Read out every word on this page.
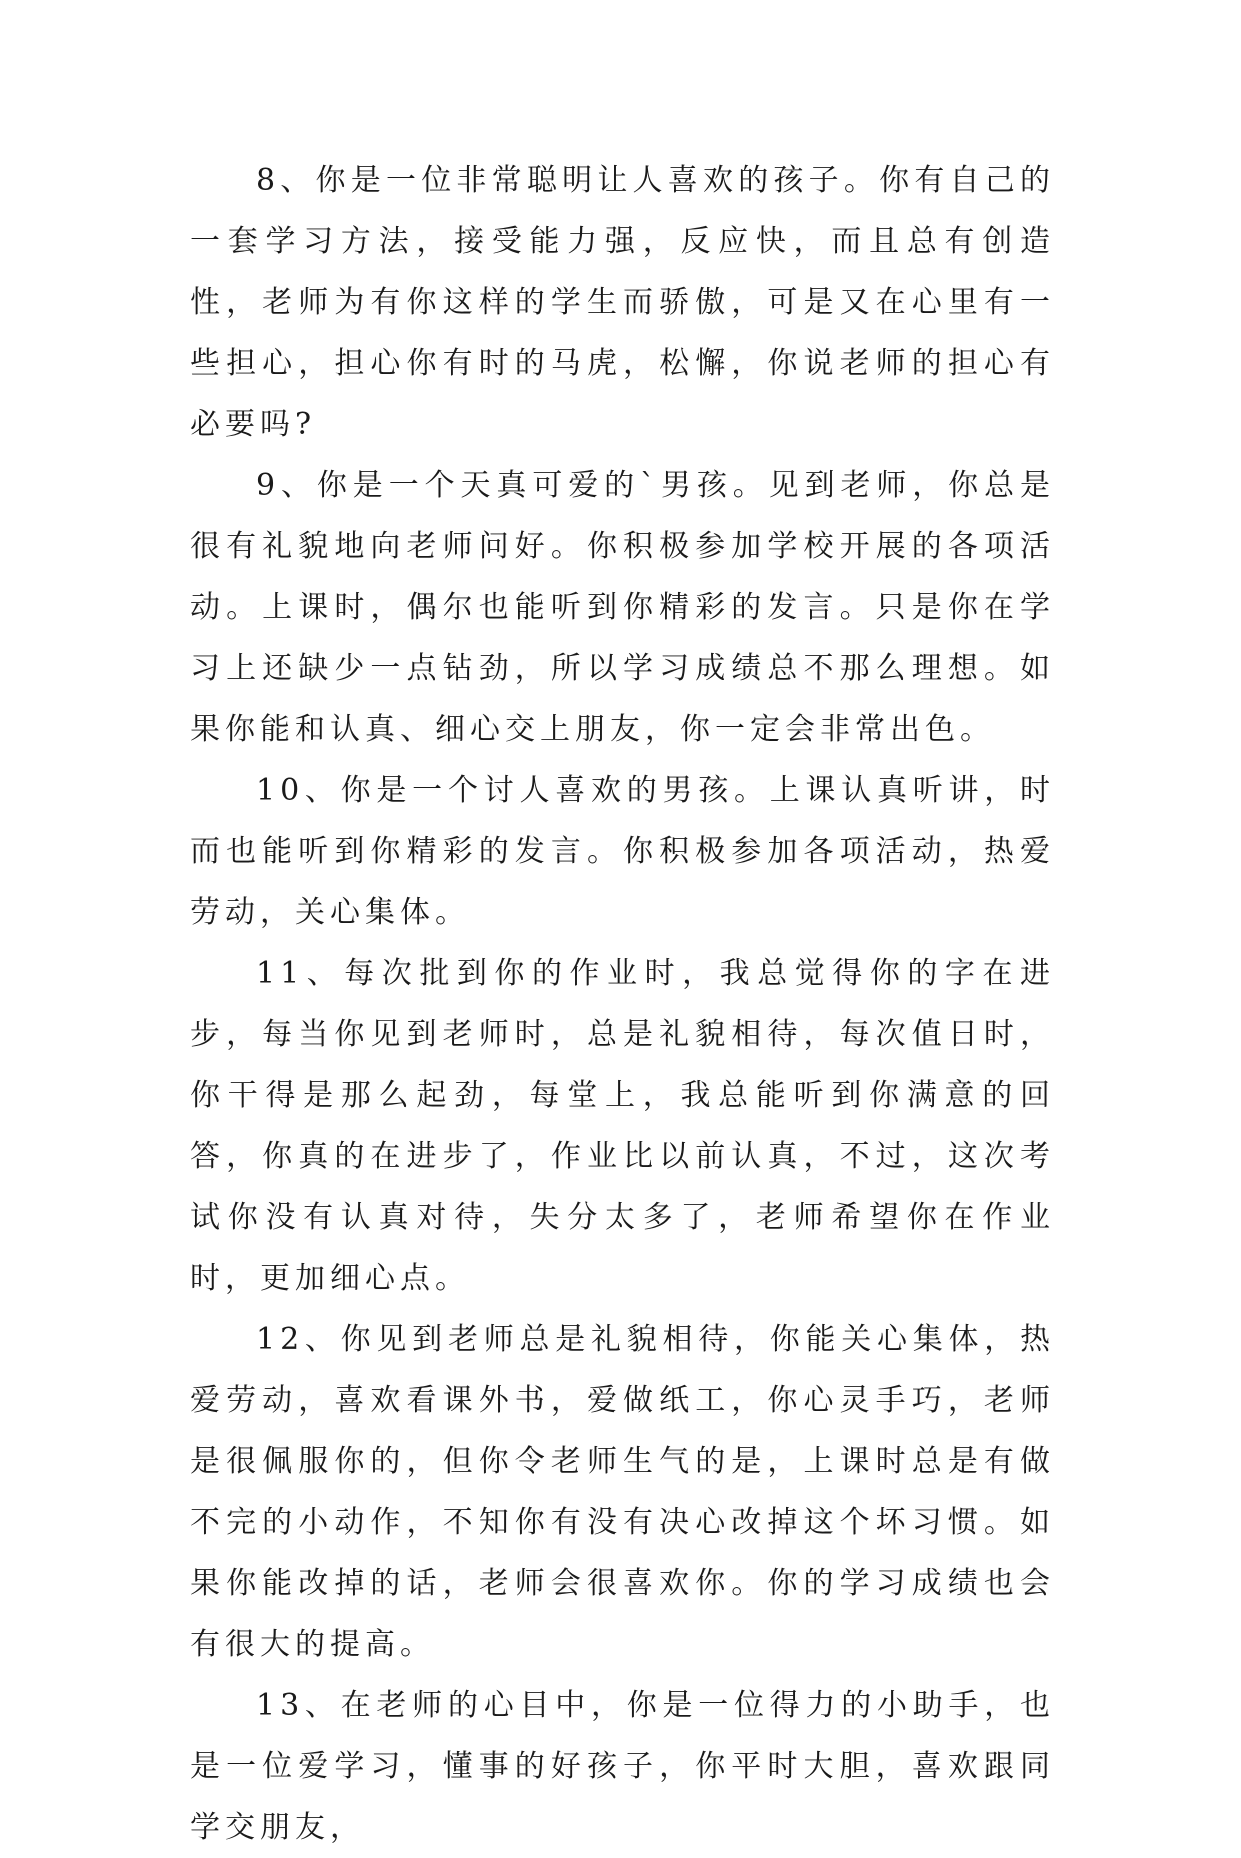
8、你是一位非常聪明让人喜欢的孩子。你有自己的一套学习方法，接受能力强，反应快，而且总有创造性，老师为有你这样的学生而骄傲，可是又在心里有一些担心，担心你有时的马虎，松懈，你说老师的担心有必要吗?

9、你是一个天真可爱的`男孩。见到老师，你总是很有礼貌地向老师问好。你积极参加学校开展的各项活动。上课时，偶尔也能听到你精彩的发言。只是你在学习上还缺少一点钻劲，所以学习成绩总不那么理想。如果你能和认真、细心交上朋友，你一定会非常出色。

10、你是一个讨人喜欢的男孩。上课认真听讲，时而也能听到你精彩的发言。你积极参加各项活动，热爱劳动，关心集体。

11、每次批到你的作业时，我总觉得你的字在进步，每当你见到老师时，总是礼貌相待，每次值日时，你干得是那么起劲，每堂上，我总能听到你满意的回答，你真的在进步了，作业比以前认真，不过，这次考试你没有认真对待，失分太多了，老师希望你在作业时，更加细心点。

12、你见到老师总是礼貌相待，你能关心集体，热爱劳动，喜欢看课外书，爱做纸工，你心灵手巧，老师是很佩服你的，但你令老师生气的是，上课时总是有做不完的小动作，不知你有没有决心改掉这个坏习惯。如果你能改掉的话，老师会很喜欢你。你的学习成绩也会有很大的提高。

13、在老师的心目中，你是一位得力的小助手，也是一位爱学习，懂事的好孩子，你平时大胆，喜欢跟同学交朋友，
